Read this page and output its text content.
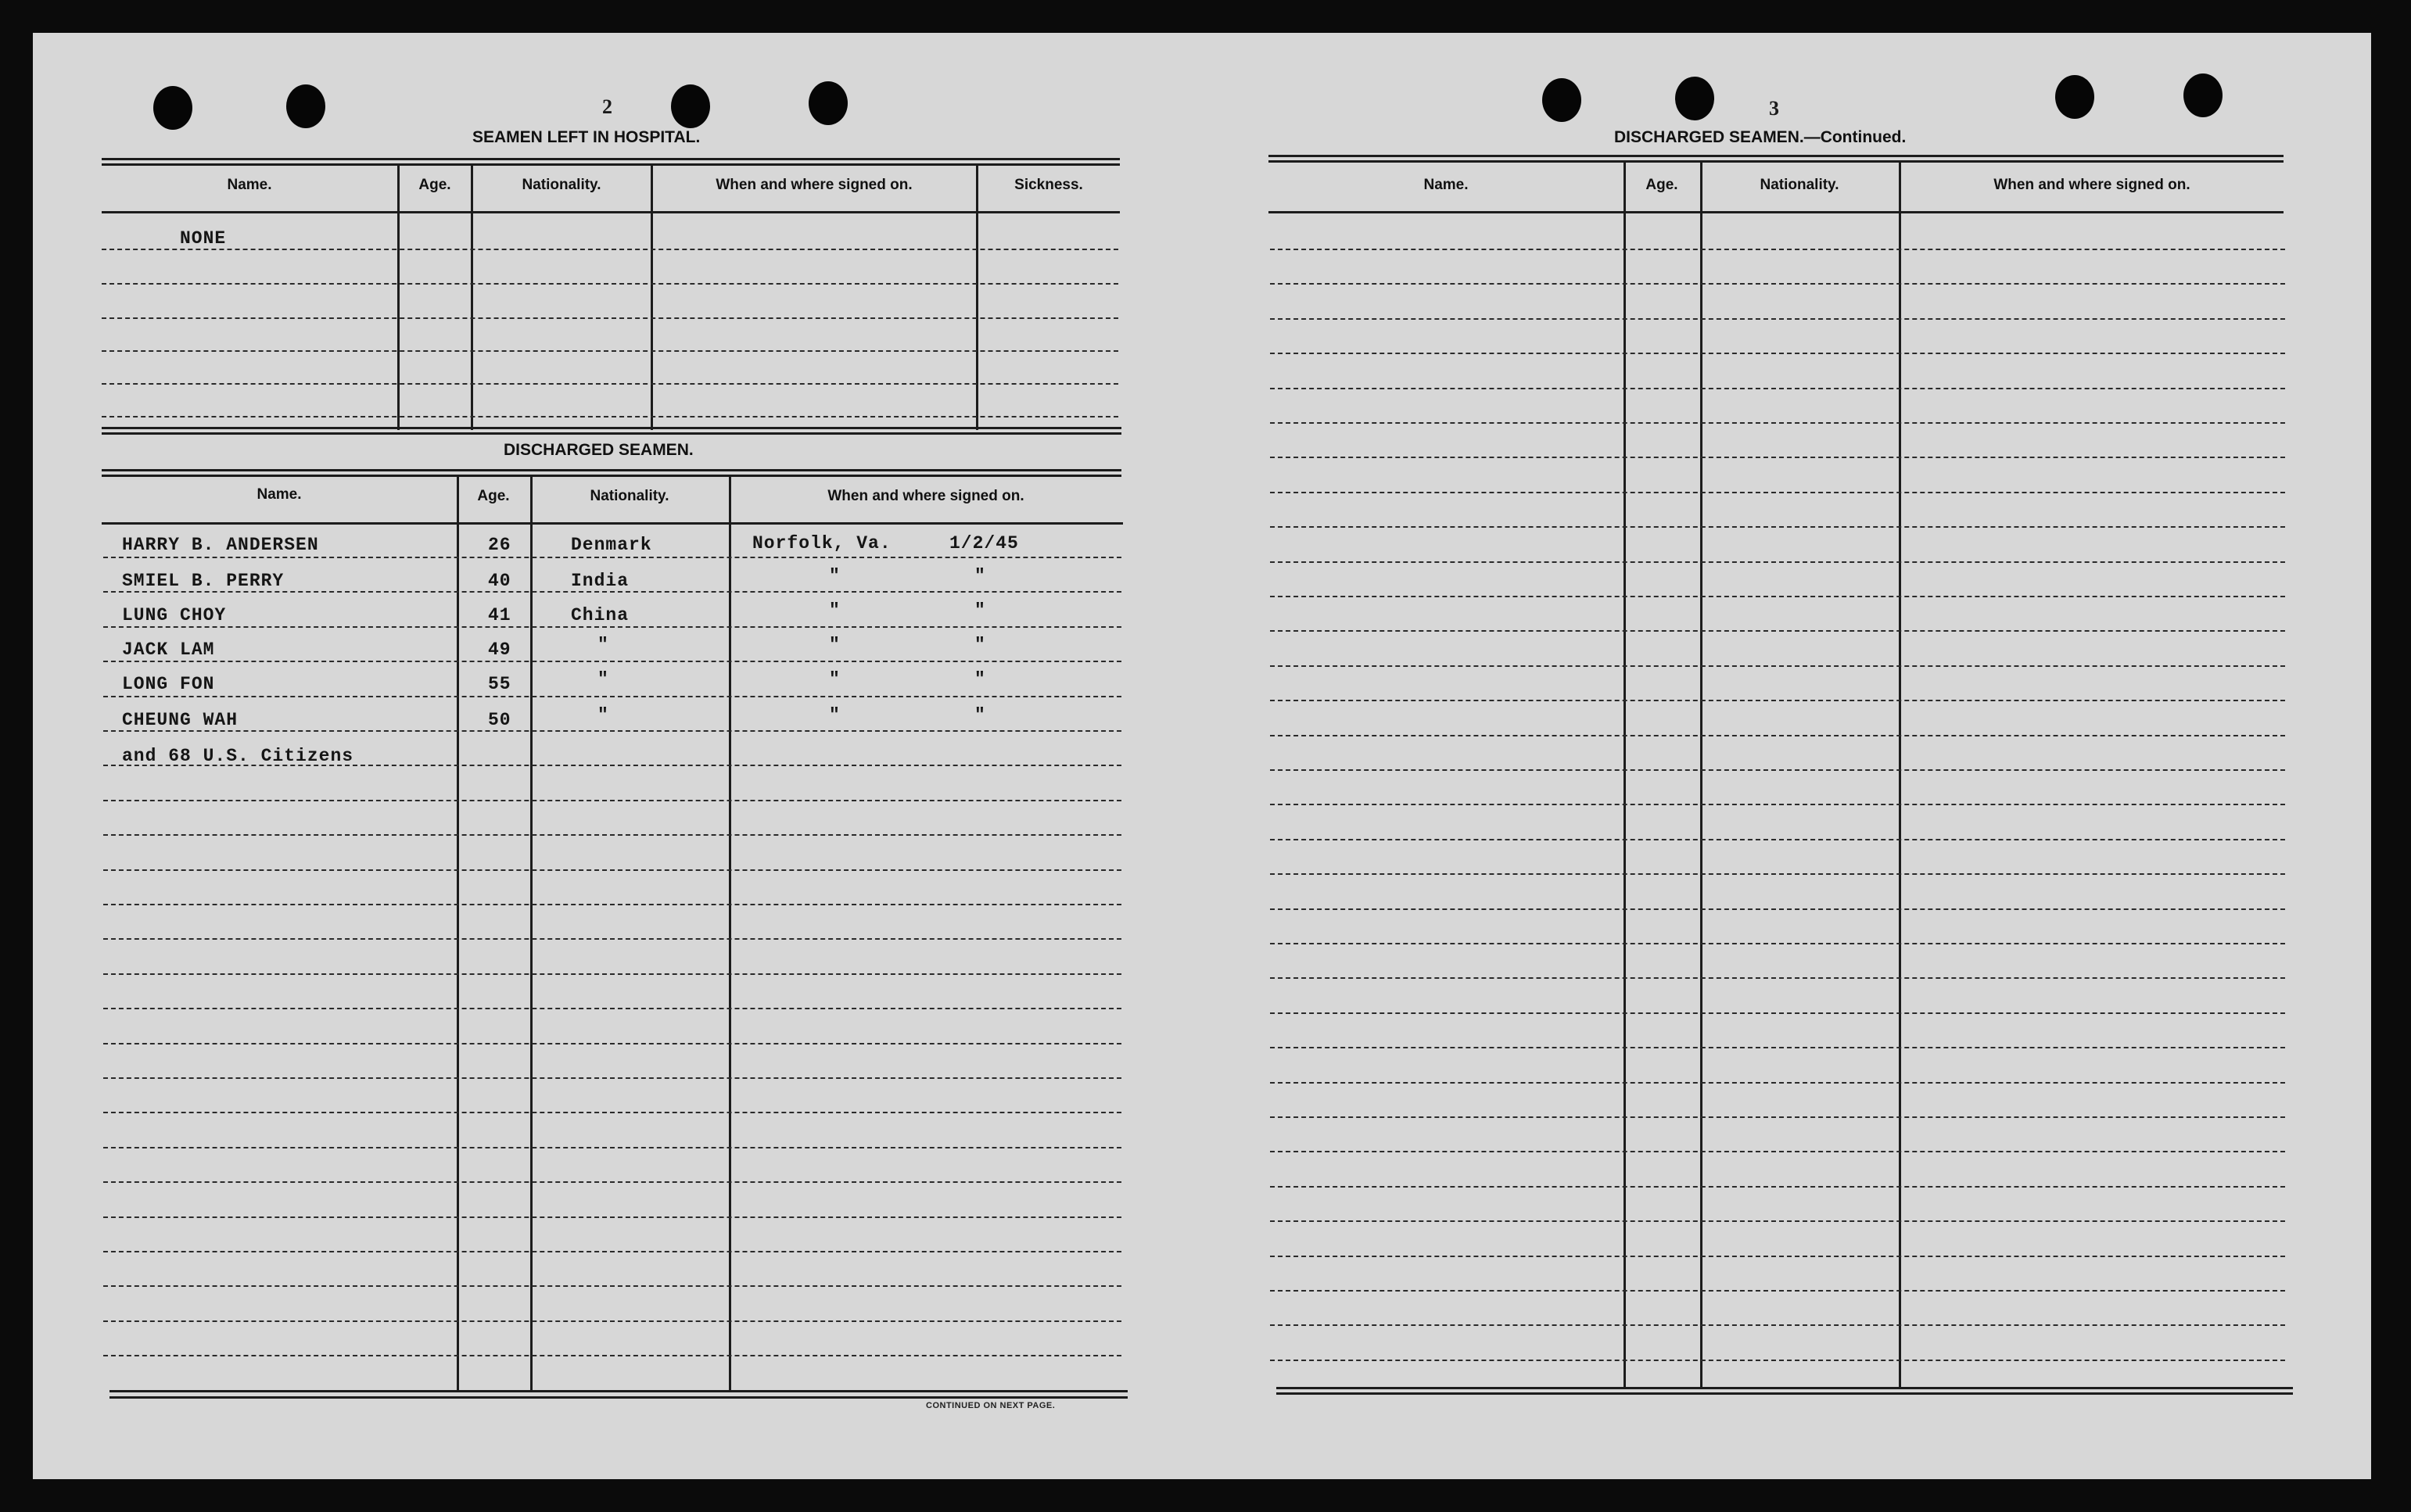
2
SEAMEN LEFT IN HOSPITAL.
Name.	Age.	Nationality.	When and where signed on.	Sickness.
NONE
DISCHARGED SEAMEN.
Name.	Age.	Nationality.	When and where signed on.
HARRY B. ANDERSEN	26	Denmark	Norfolk, Va.	1/2/45
SMIEL B. PERRY	40	India	"	"
LUNG CHOY	41	China	"	"
JACK LAM	49	"	"	"
LONG FON	55	"	"	"
CHEUNG WAH	50	"	"	"
and 68 U.S. Citizens
CONTINUED ON NEXT PAGE.
3
DISCHARGED SEAMEN.—Continued.
Name.	Age.	Nationality.	When and where signed on.
